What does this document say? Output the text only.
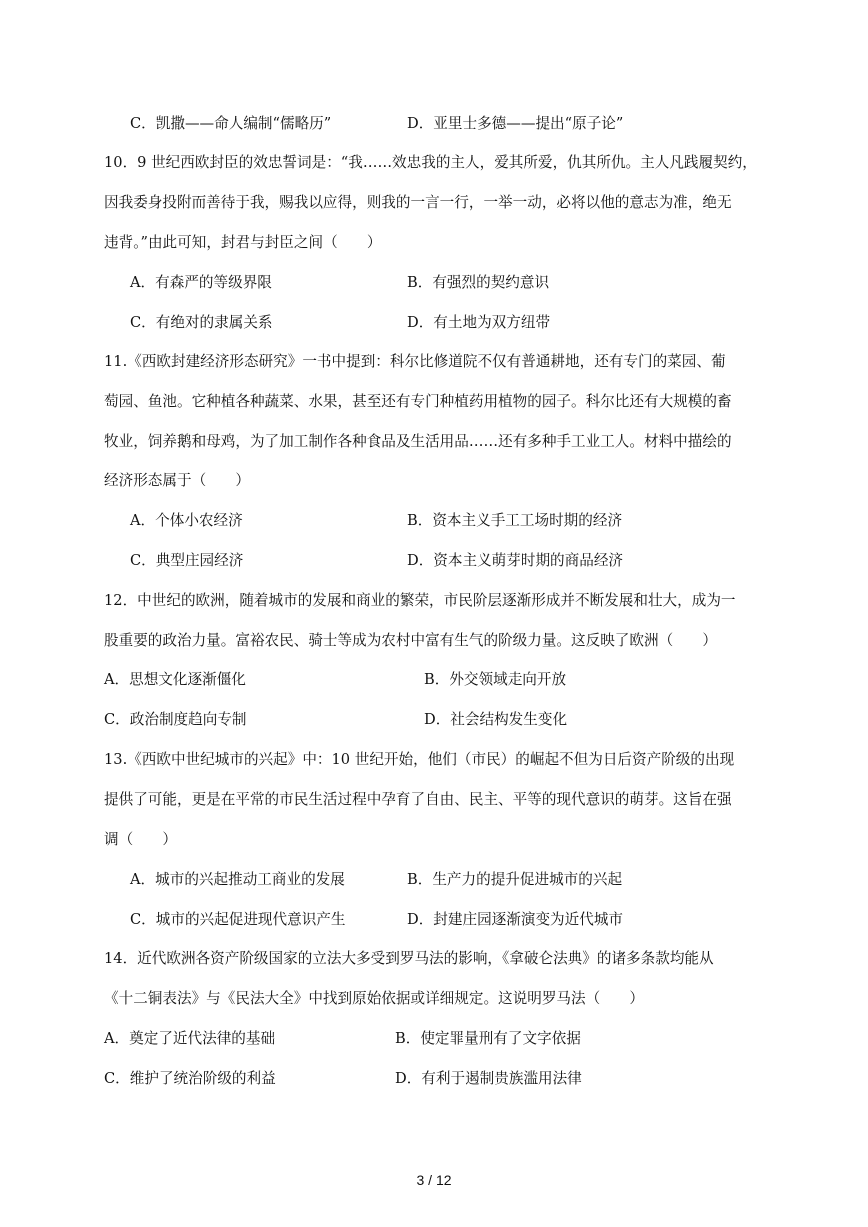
C．凯撒——命人编制“儒略历”	D．亚里士多德——提出“原子论”
10．9 世纪西欧封臣的效忠誓词是：“我……效忠我的主人，爱其所爱，仇其所仇。主人凡践履契约，
因我委身投附而善待于我，赐我以应得，则我的一言一行，一举一动，必将以他的意志为准，绝无
违背。”由此可知，封君与封臣之间（　　）
A．有森严的等级界限	B．有强烈的契约意识
C．有绝对的隶属关系	D．有土地为双方纽带
11.《西欧封建经济形态研究》一书中提到：科尔比修道院不仅有普通耕地，还有专门的菜园、葡
萄园、鱼池。它种植各种蔬菜、水果，甚至还有专门种植药用植物的园子。科尔比还有大规模的畜
牧业，饲养鹅和母鸡，为了加工制作各种食品及生活用品……还有多种手工业工人。材料中描绘的
经济形态属于（　　）
A．个体小农经济	B．资本主义手工工场时期的经济
C．典型庄园经济	D．资本主义萌芽时期的商品经济
12．中世纪的欧洲，随着城市的发展和商业的繁荣，市民阶层逐渐形成并不断发展和壮大，成为一
股重要的政治力量。富裕农民、骑士等成为农村中富有生气的阶级力量。这反映了欧洲（　　）
A．思想文化逐渐僵化	B．外交领域走向开放
C．政治制度趋向专制	D．社会结构发生变化
13.《西欧中世纪城市的兴起》中：10 世纪开始，他们（市民）的崛起不但为日后资产阶级的出现
提供了可能，更是在平常的市民生活过程中孕育了自由、民主、平等的现代意识的萌芽。这旨在强
调（　　）
A．城市的兴起推动工商业的发展	B．生产力的提升促进城市的兴起
C．城市的兴起促进现代意识产生	D．封建庄园逐渐演变为近代城市
14．近代欧洲各资产阶级国家的立法大多受到罗马法的影响，《拿破仑法典》的诸多条款均能从
《十二铜表法》与《民法大全》中找到原始依据或详细规定。这说明罗马法（　　）
A．奠定了近代法律的基础	B．使定罪量刑有了文字依据
C．维护了统治阶级的利益	D．有利于遏制贵族滥用法律
3 / 12
